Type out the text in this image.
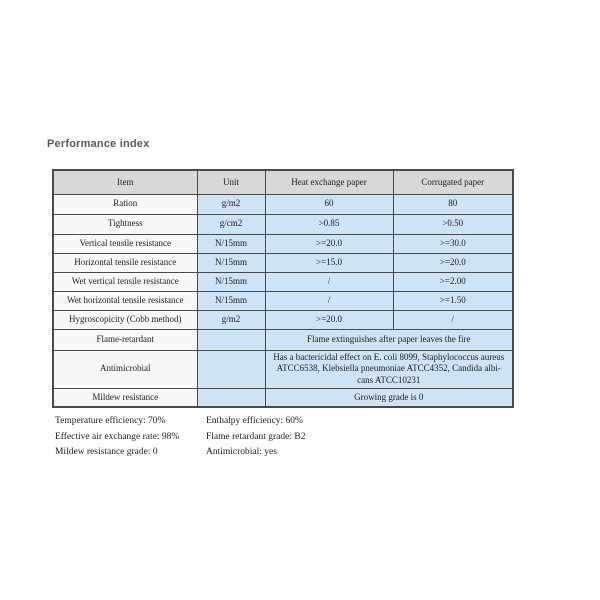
Performance index
Item	Unit	Heat exchange paper	Corrugated paper
Ration	g/m2	60	80
Tightness	g/cm2	>0.85	>0.50
Vertical tensile resistance	N/15mm	>=20.0	>=30.0
Horizontal tensile resistance	N/15mm	>=15.0	>=20.0
Wet vertical tensile resistance	N/15mm	/	>=2.00
Wet horizontal tensile resistance	N/15mm	/	>=1.50
Hygroscopicity (Cobb method)	g/m2	>=20.0	/
Flame-retardant		Flame extinguishes after paper leaves the fire	
Antimicrobial		Has a bactericidal effect on E. coli 8099, Staphylococcus aureus ATCC6538, Klebsiella pneumoniae ATCC4352, Candida albi-cans ATCC10231	
Mildew resistance		Growing grade is 0	
Temperature efficiency: 70%
Effective air exchange rate: 98%
Mildew resistance grade: 0
Enthalpy efficiency: 60%
Flame retardant grade: B2
Antimicrobial: yes
